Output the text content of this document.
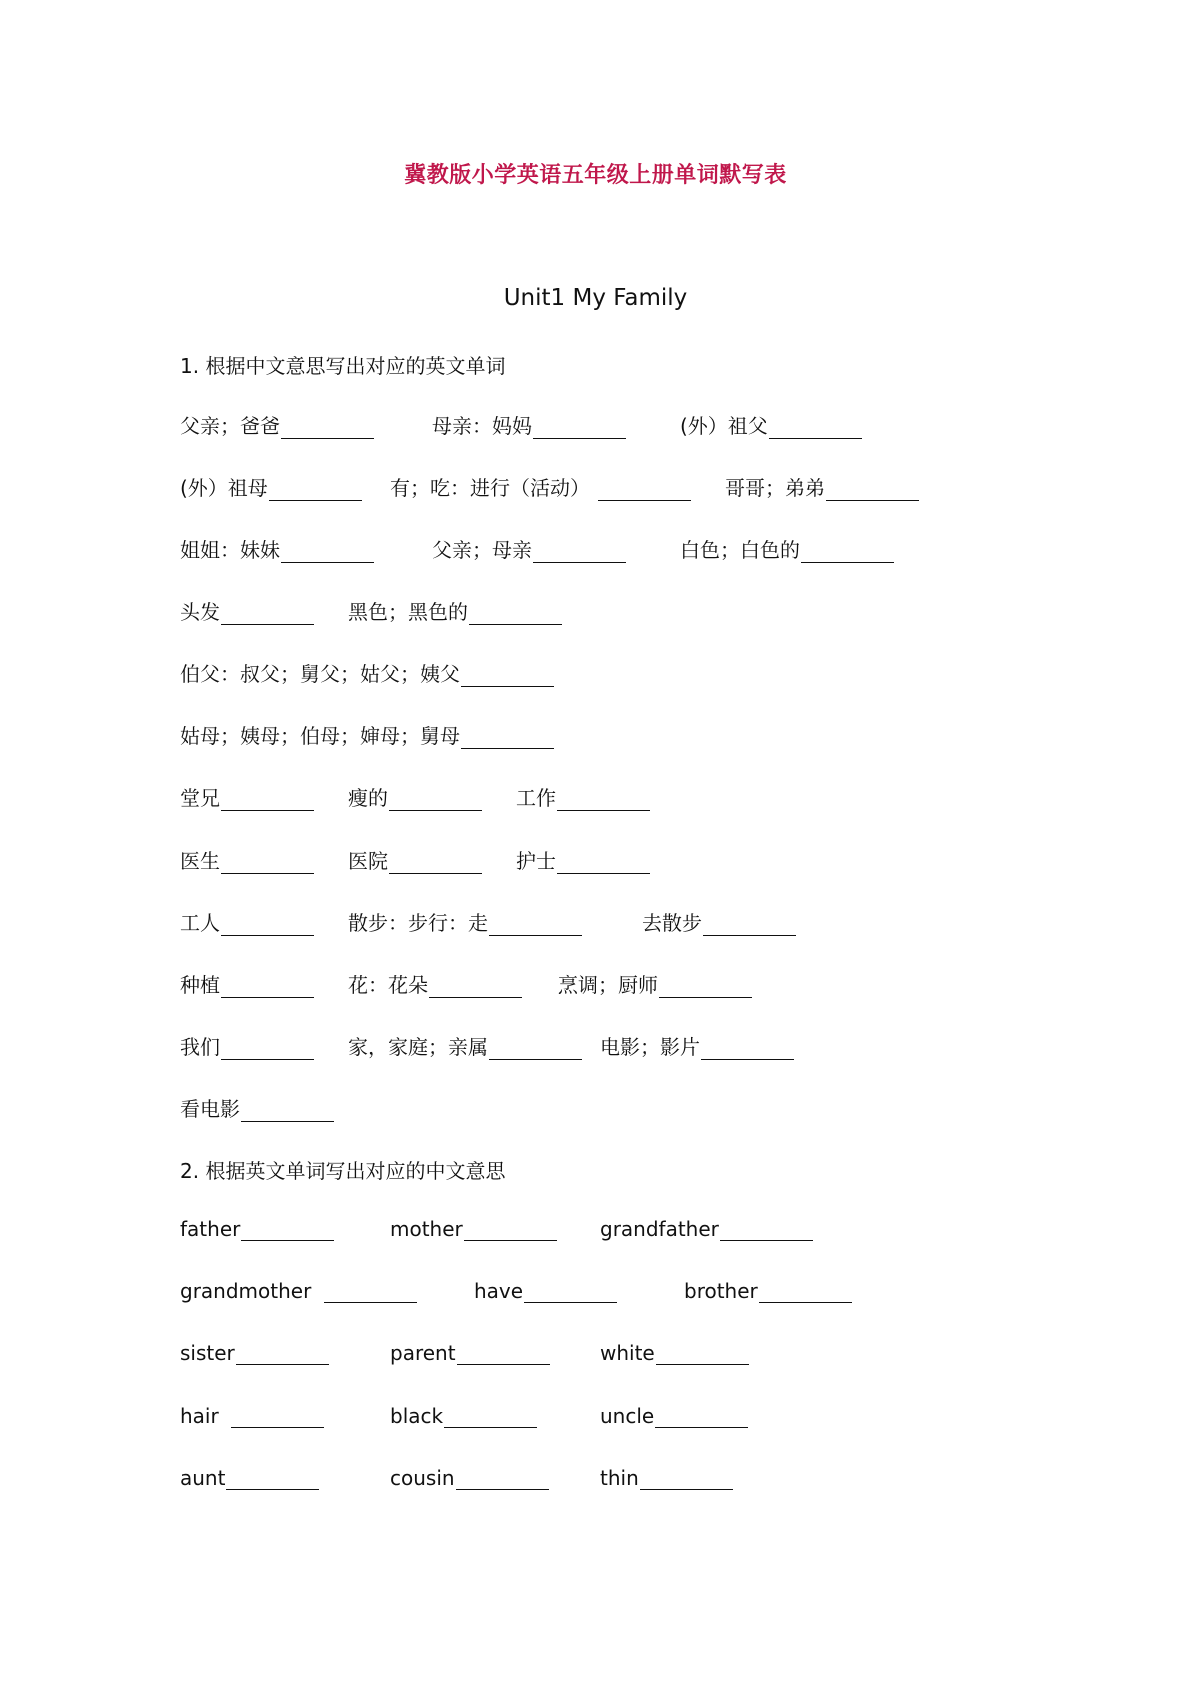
冀教版小学英语五年级上册单词默写表
Unit1 My Family
1. 根据中文意思写出对应的英文单词
父亲；爸爸	母亲：妈妈	(外）祖父
(外）祖母	有；吃：进行（活动）	哥哥；弟弟
姐姐：妹妹	父亲；母亲	白色；白色的
头发	黑色；黑色的
伯父：叔父；舅父；姑父；姨父
姑母；姨母；伯母；婶母；舅母
堂兄	瘦的	工作
医生	医院	护士
工人	散步：步行：走	去散步
种植	花：花朵	烹调；厨师
我们	家，家庭；亲属	电影；影片
看电影
2. 根据英文单词写出对应的中文意思
father	mother	grandfather
grandmother	have	brother
sister	parent	white
hair	black	uncle
aunt	cousin	thin
